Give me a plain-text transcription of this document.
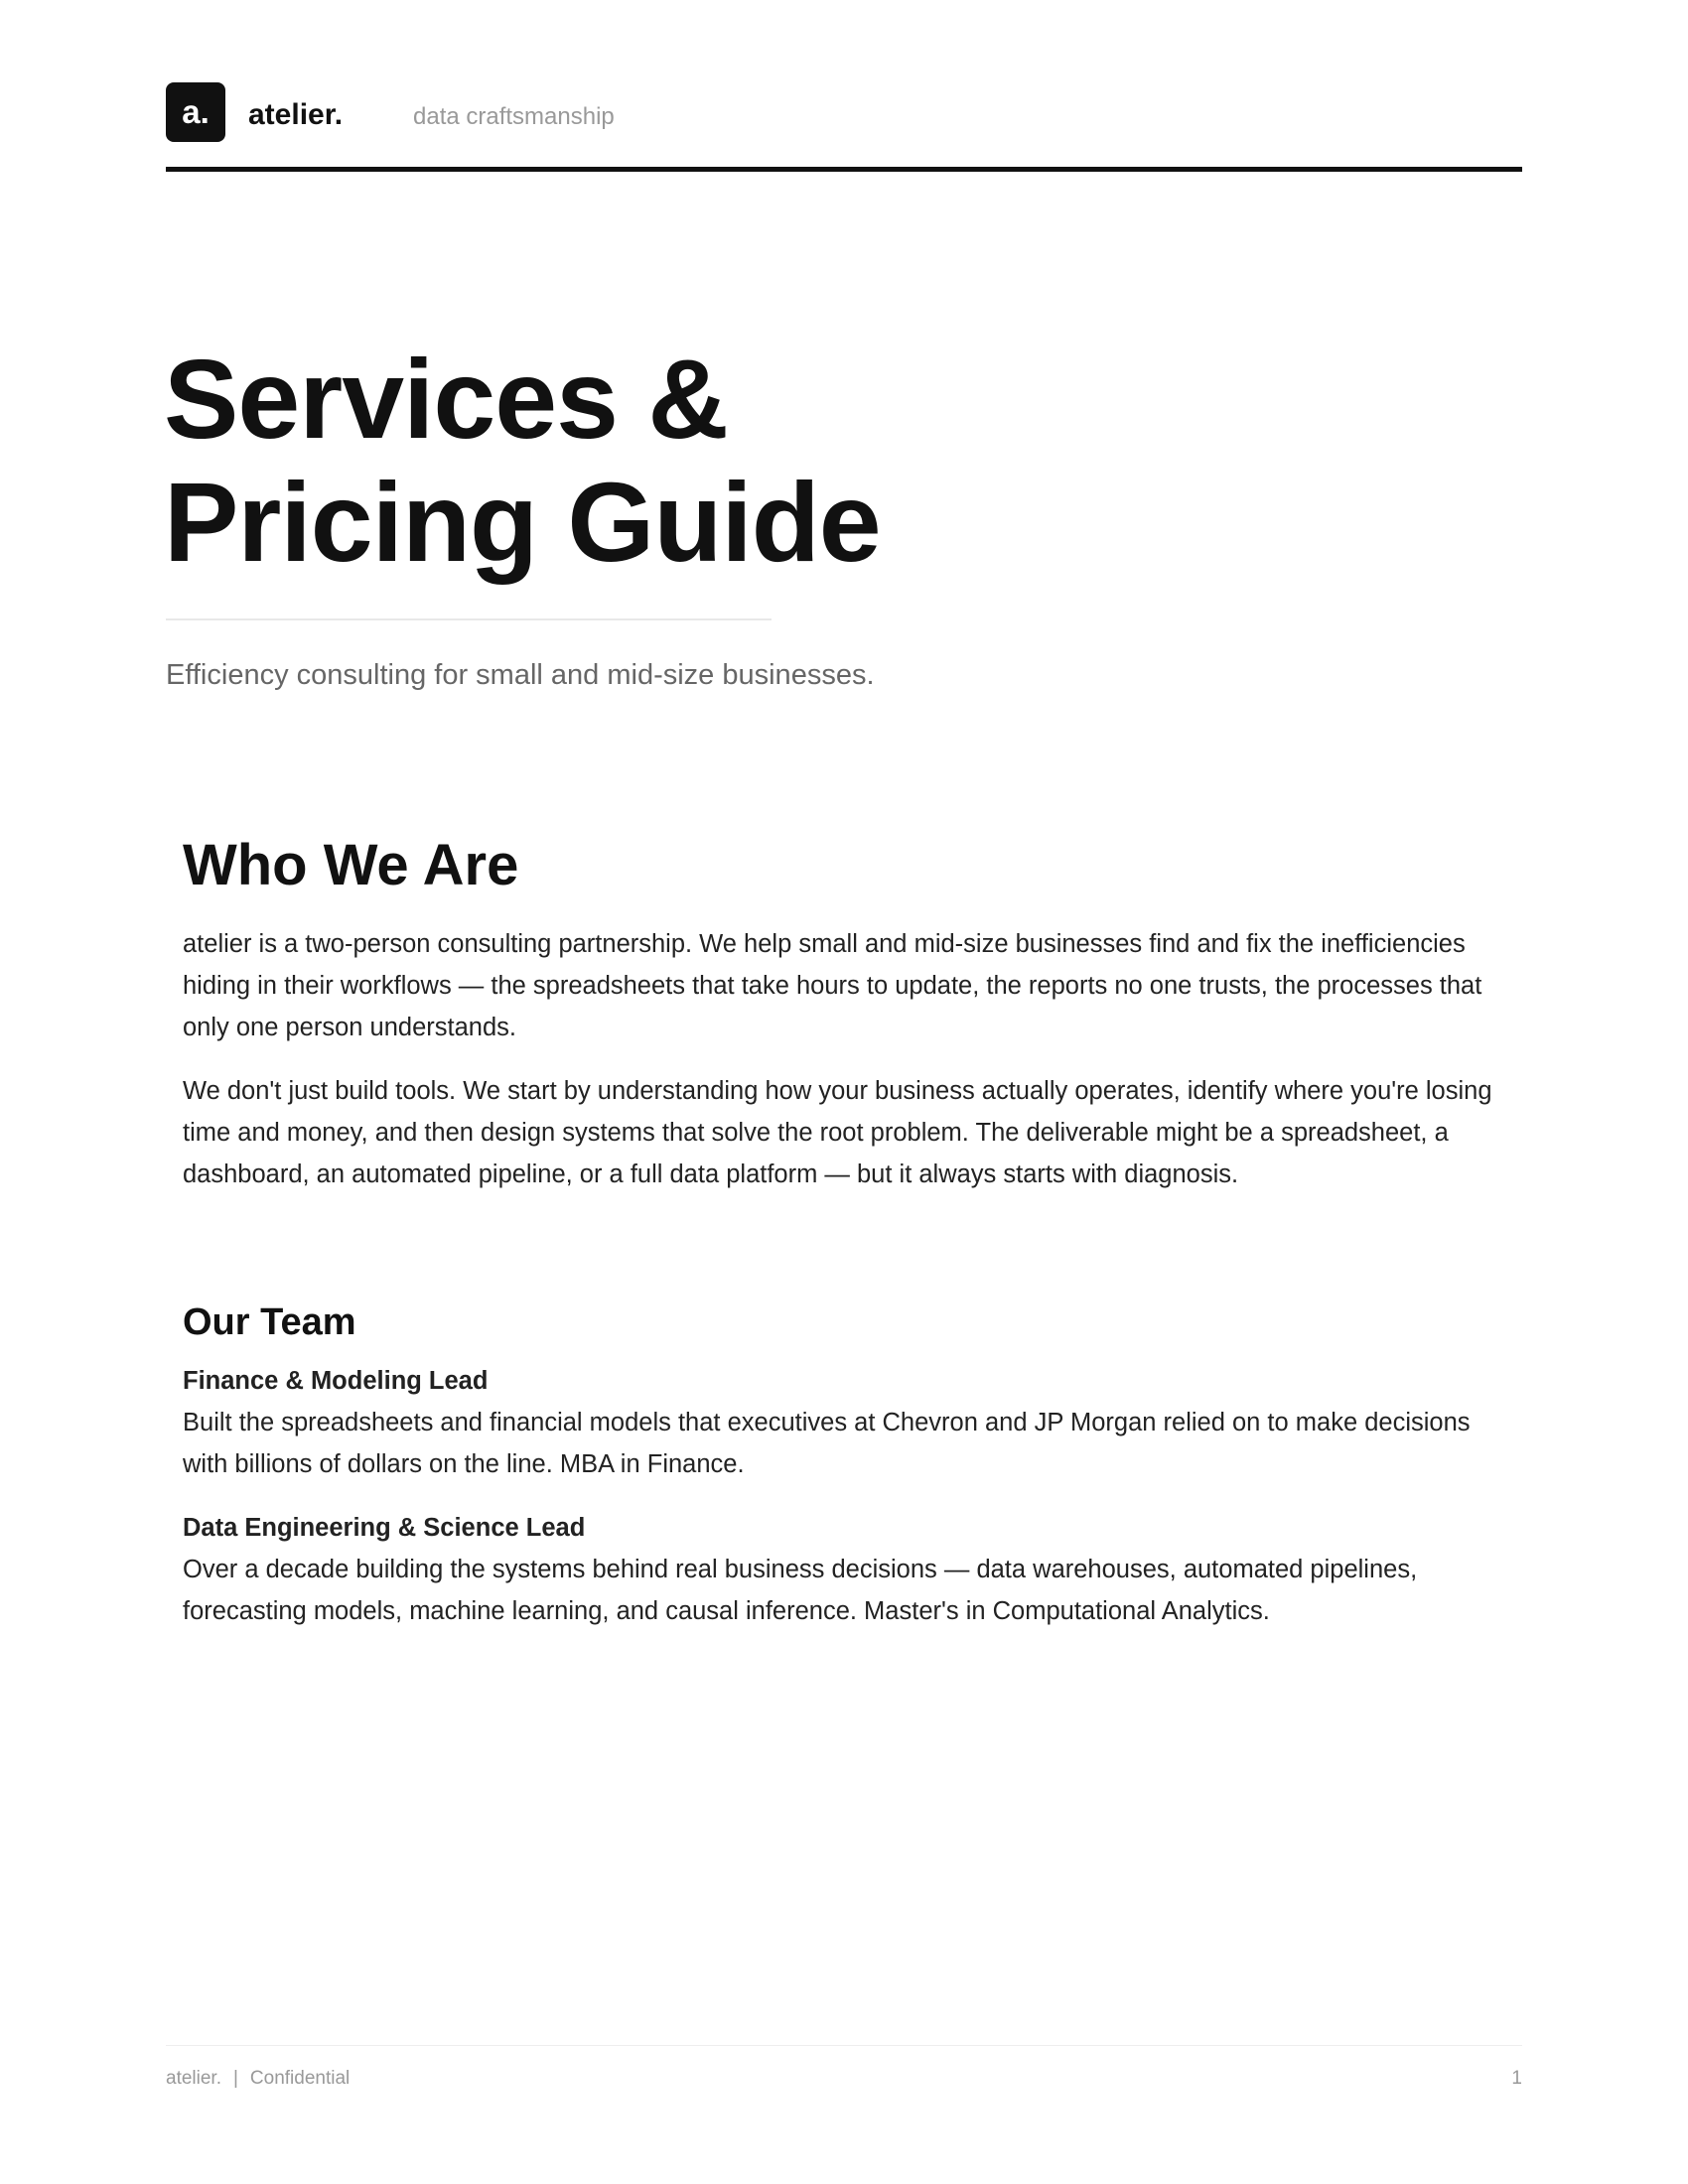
a.	atelier.	data craftsmanship
Services &
Pricing Guide
Efficiency consulting for small and mid-size businesses.
Who We Are

atelier is a two-person consulting partnership. We help small and mid-size businesses find and fix the inefficiencies hiding in their workflows — the spreadsheets that take hours to update, the reports no one trusts, the processes that only one person understands.

We don't just build tools. We start by understanding how your business actually operates, identify where you're losing time and money, and then design systems that solve the root problem. The deliverable might be a spreadsheet, a dashboard, an automated pipeline, or a full data platform — but it always starts with diagnosis.

Our Team
Finance & Modeling Lead
Built the spreadsheets and financial models that executives at Chevron and JP Morgan relied on to make decisions with billions of dollars on the line. MBA in Finance.
Data Engineering & Science Lead
Over a decade building the systems behind real business decisions — data warehouses, automated pipelines, forecasting models, machine learning, and causal inference. Master's in Computational Analytics.
atelier. | Confidential	1
